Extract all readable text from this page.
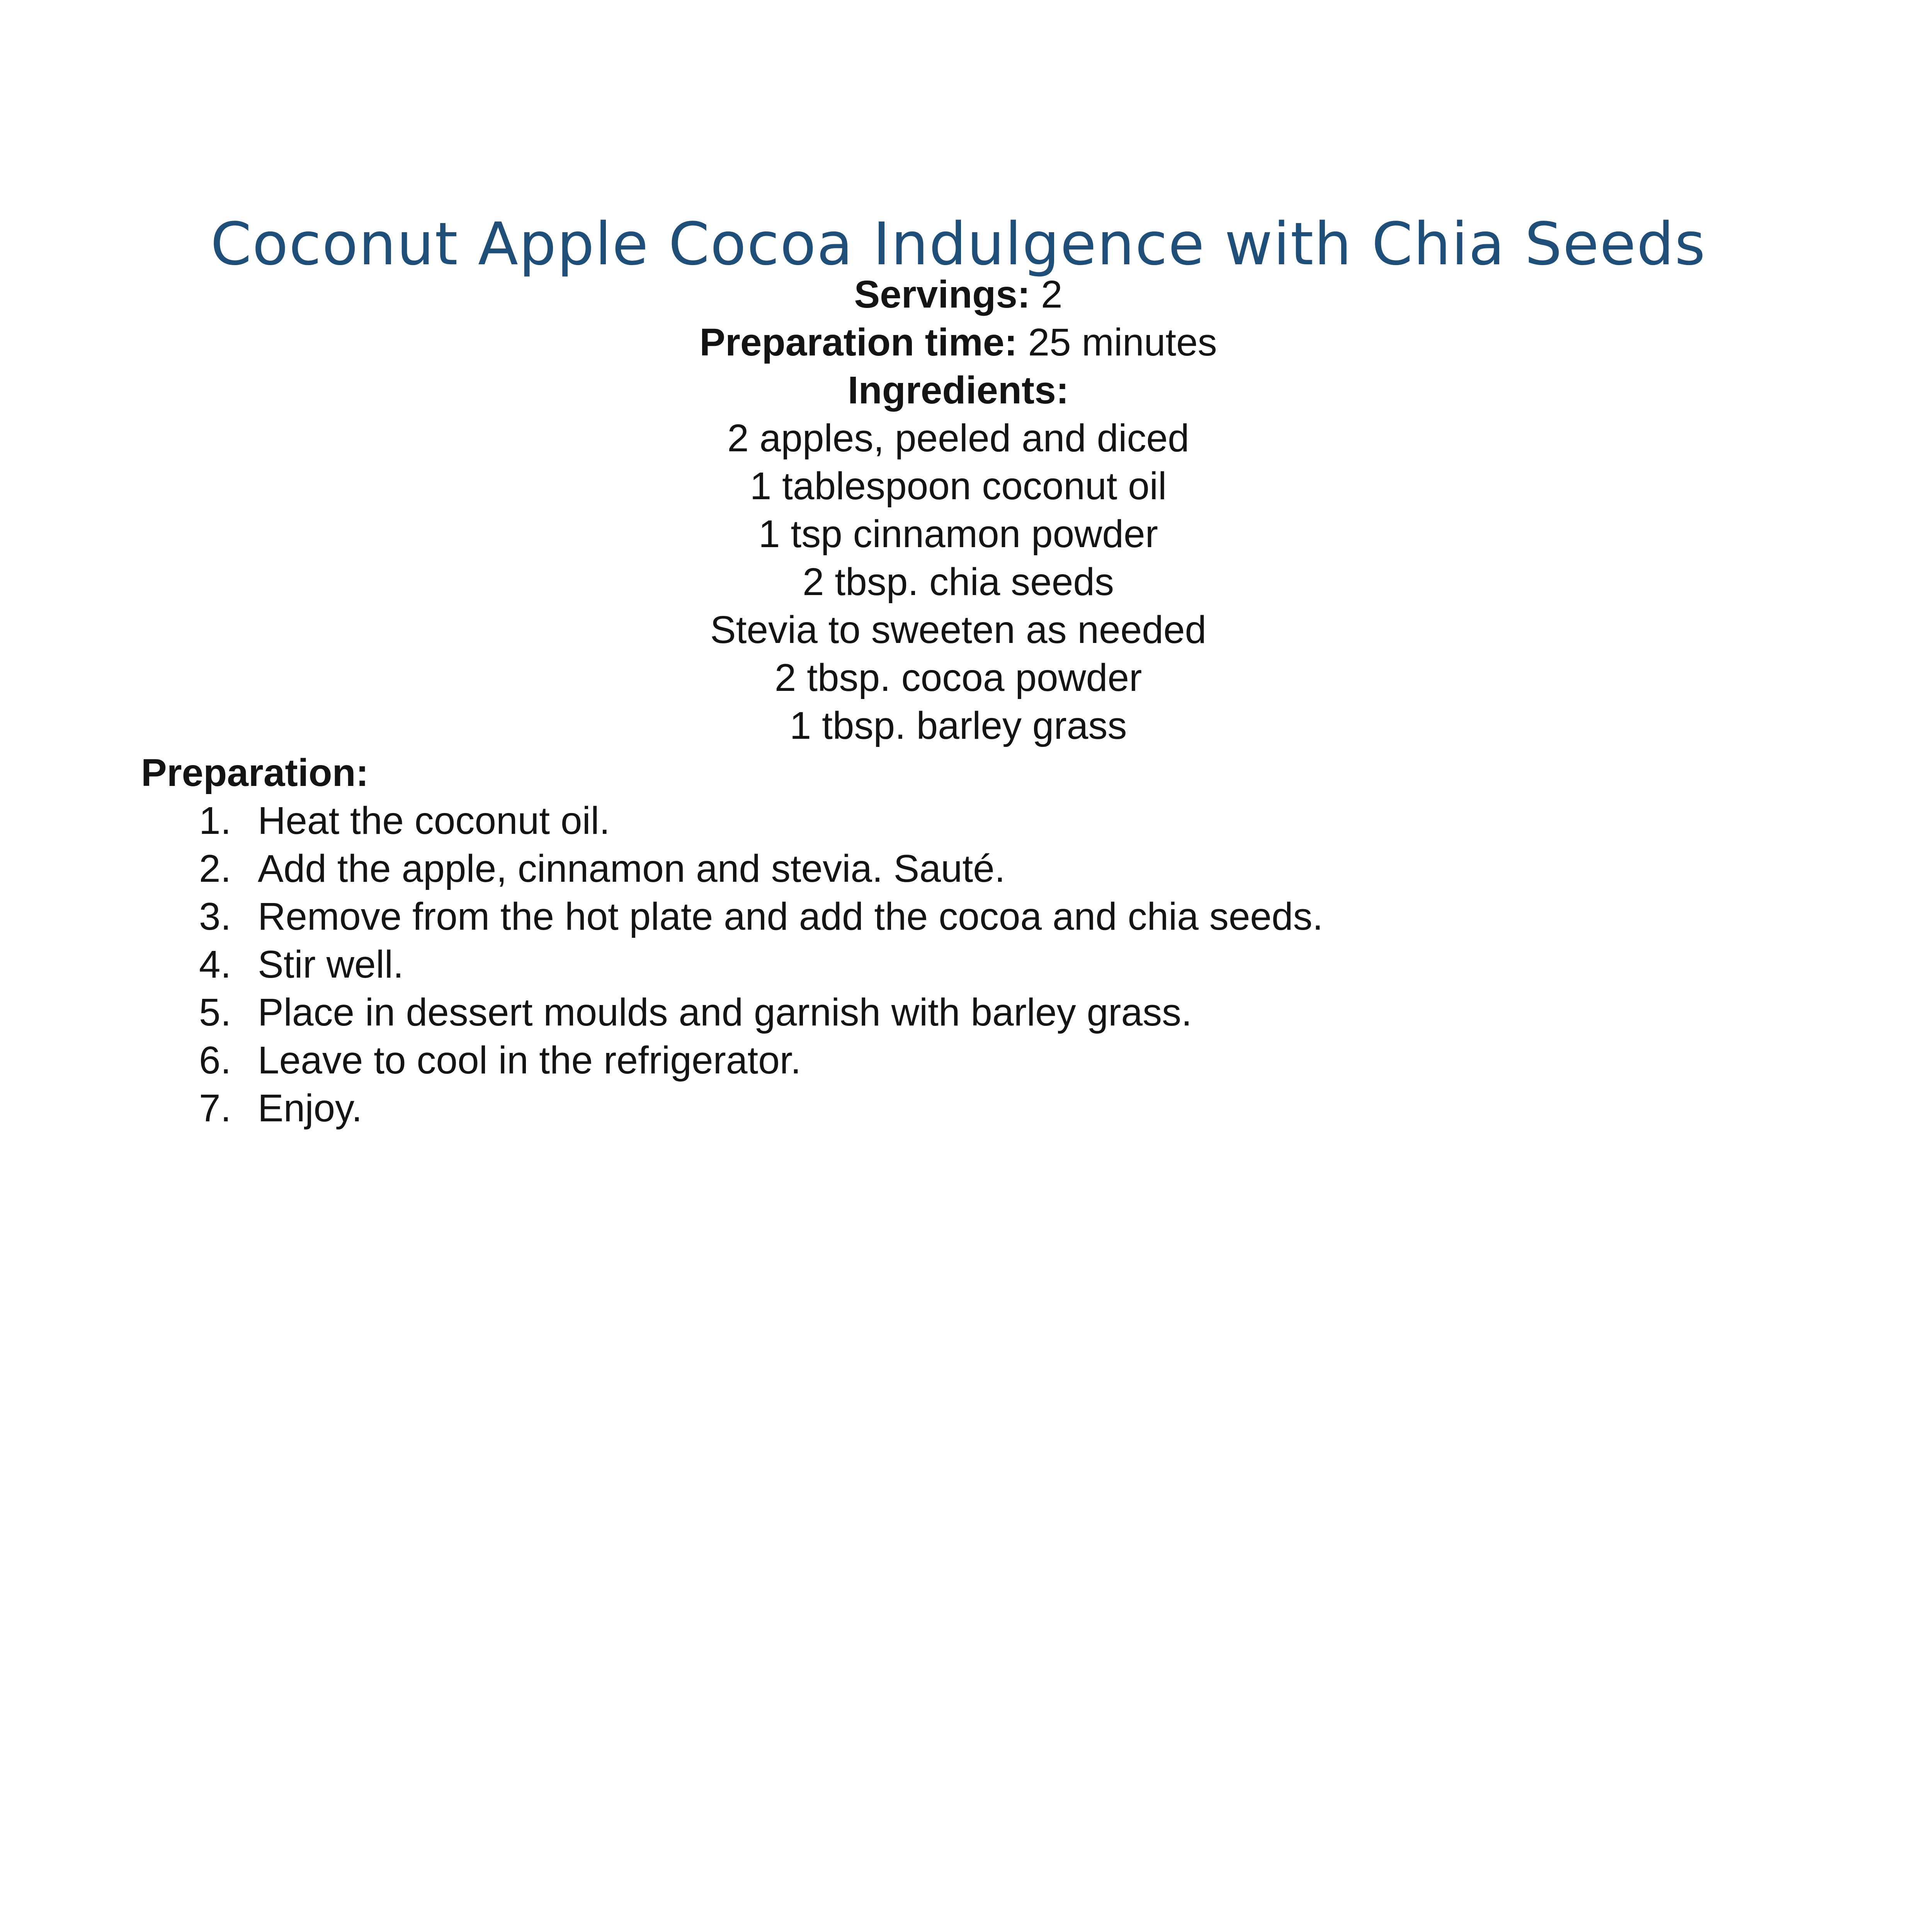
Coconut Apple Cocoa Indulgence with Chia Seeds
Servings: 2
Preparation time: 25 minutes
Ingredients:
2 apples, peeled and diced
1 tablespoon coconut oil
1 tsp cinnamon powder
2 tbsp. chia seeds
Stevia to sweeten as needed
2 tbsp. cocoa powder
1 tbsp. barley grass
Preparation:
1. Heat the coconut oil.
2. Add the apple, cinnamon and stevia. Sauté.
3. Remove from the hot plate and add the cocoa and chia seeds.
4. Stir well.
5. Place in dessert moulds and garnish with barley grass.
6. Leave to cool in the refrigerator.
7. Enjoy.
